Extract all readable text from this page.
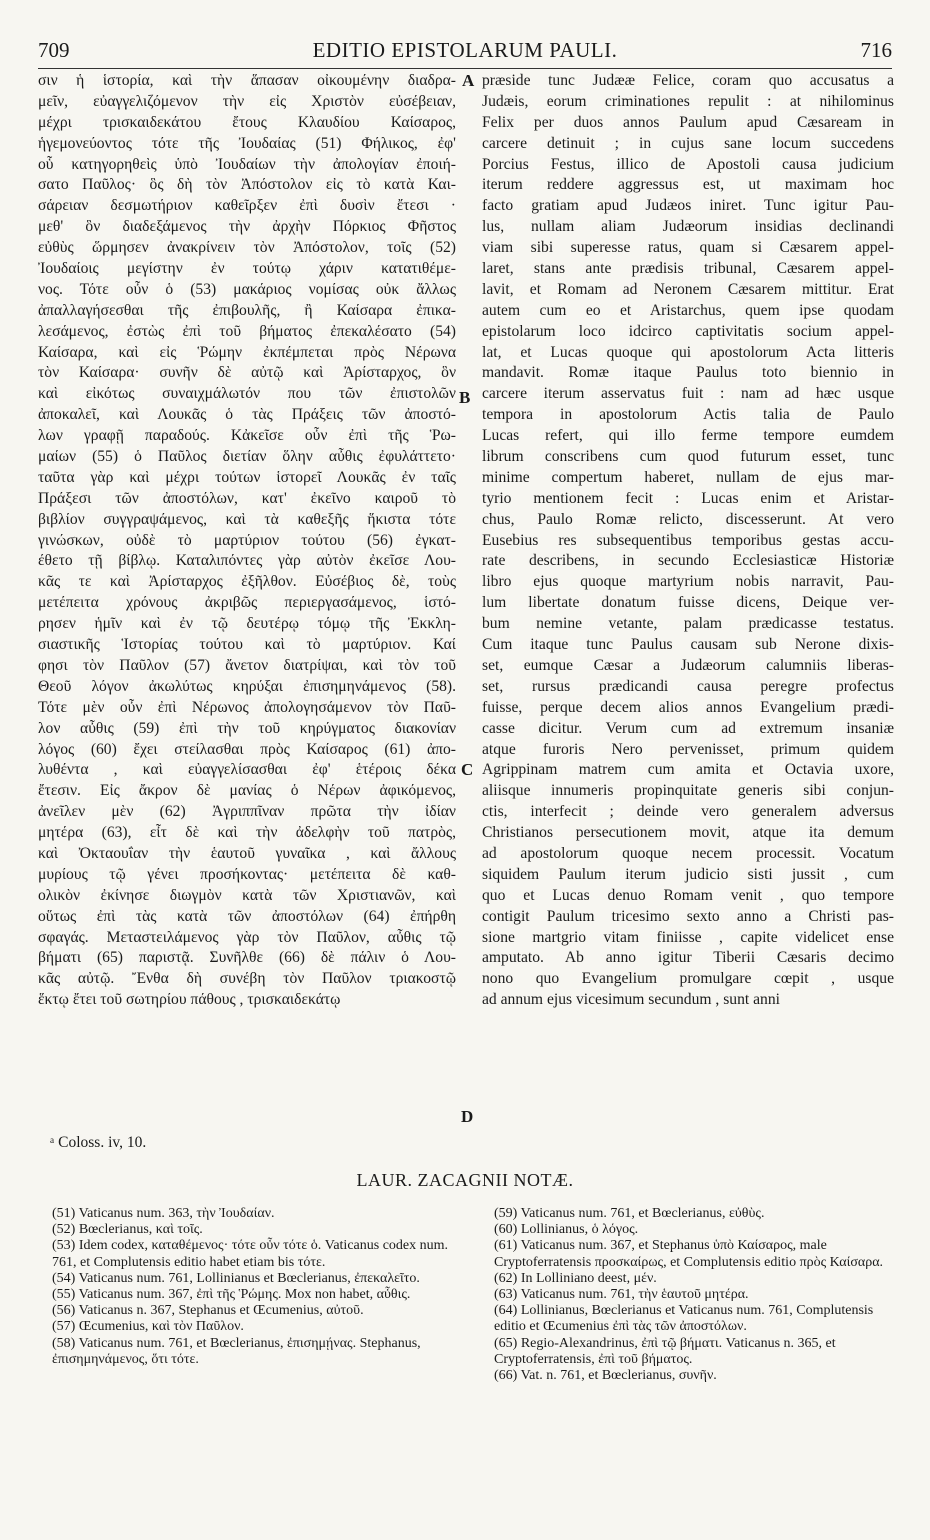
709	EDITIO EPISTOLARUM PAULI.	716
σιν ἡ ἱστορία, καὶ τὴν ἅπασαν οἰκουμένην διαδρα-
μεῖν, εὐαγγελιζόμενον τὴν εἰς Χριστὸν εὐσέβειαν,
μέχρι τρισκαιδεκάτου ἔτους Κλαυδίου Καίσαρος,
ἡγεμονεύοντος τότε τῆς Ἰουδαίας (51) Φήλικος, ἐφ'
οὗ κατηγορηθεὶς ὑπὸ Ἰουδαίων τὴν ἀπολογίαν ἐποιή-
σατο Παῦλος· ὃς δὴ τὸν Ἀπόστολον εἰς τὸ κατὰ Και-
σάρειαν δεσμωτήριον καθεῖρξεν ἐπὶ δυσὶν ἔτεσι ·
μεθ' ὃν διαδεξάμενος τὴν ἀρχὴν Πόρκιος Φῆστος
εὐθὺς ὥρμησεν ἀνακρίνειν τὸν Ἀπόστολον, τοῖς (52)
Ἰουδαίοις μεγίστην ἐν τούτῳ χάριν κατατιθέμε-
νος. Τότε οὖν ὁ (53) μακάριος νομίσας οὐκ ἄλλως
ἀπαλλαγήσεσθαι τῆς ἐπιβουλῆς, ἢ Καίσαρα ἐπικα-
λεσάμενος, ἐστὼς ἐπὶ τοῦ βήματος ἐπεκαλέσατο (54)
Καίσαρα, καὶ εἰς Ῥώμην ἐκπέμπεται πρὸς Νέρωνα
τὸν Καίσαρα· συνῆν δὲ αὐτῷ καὶ Ἀρίσταρχος, ὃν
καὶ εἰκότως συναιχμάλωτόν που τῶν ἐπιστολῶν
ἀποκαλεῖ, καὶ Λουκᾶς ὁ τὰς Πράξεις τῶν ἀποστό-
λων γραφῇ παραδούς. Κἀκεῖσε οὖν ἐπὶ τῆς Ῥω-
μαίων (55) ὁ Παῦλος διετίαν ὅλην αὖθις ἐφυλάττετο·
ταῦτα γὰρ καὶ μέχρι τούτων ἱστορεῖ Λουκᾶς ἐν ταῖς
Πράξεσι τῶν ἀποστόλων, κατ' ἐκεῖνο καιροῦ τὸ
βιβλίον συγγραψάμενος, καὶ τὰ καθεξῆς ἥκιστα τότε
γινώσκων, οὐδὲ τὸ μαρτύριον τούτου (56) ἐγκατ-
έθετο τῇ βίβλῳ. Καταλιπόντες γὰρ αὐτὸν ἐκεῖσε Λου-
κᾶς τε καὶ Ἀρίσταρχος ἐξῆλθον. Εὐσέβιος δὲ, τοὺς
μετέπειτα χρόνους ἀκριβῶς περιεργασάμενος, ἱστό-
ρησεν ἡμῖν καὶ ἐν τῷ δευτέρῳ τόμῳ τῆς Ἐκκλη-
σιαστικῆς Ἱστορίας τούτου καὶ τὸ μαρτύριον. Καί
φησι τὸν Παῦλον (57) ἄνετον διατρίψαι, καὶ τὸν τοῦ
Θεοῦ λόγον ἀκωλύτως κηρύξαι ἐπισημηνάμενος (58).
Τότε μὲν οὖν ἐπὶ Νέρωνος ἀπολογησάμενον τὸν Παῦ-
λον αὖθις (59) ἐπὶ τὴν τοῦ κηρύγματος διακονίαν
λόγος (60) ἔχει στείλασθαι πρὸς Καίσαρος (61) ἀπο-
λυθέντα , καὶ εὐαγγελίσασθαι ἐφ' ἑτέροις δέκα
ἔτεσιν. Εἰς ἄκρον δὲ μανίας ὁ Νέρων ἀφικόμενος,
ἀνεῖλεν μὲν (62) Ἀγριππῖναν πρῶτα τὴν ἰδίαν
μητέρα (63), εἶτ δὲ καὶ τὴν ἀδελφὴν τοῦ πατρὸς,
καὶ Ὀκταουΐαν τὴν ἑαυτοῦ γυναῖκα , καὶ ἄλλους
μυρίους τῷ γένει προσήκοντας· μετέπειτα δὲ καθ-
ολικὸν ἐκίνησε διωγμὸν κατὰ τῶν Χριστιανῶν, καὶ
οὕτως ἐπὶ τὰς κατὰ τῶν ἀποστόλων (64) ἐπήρθη
σφαγάς. Μεταστειλάμενος γὰρ τὸν Παῦλον, αὖθις τῷ
βήματι (65) παριστᾷ. Συνῆλθε (66) δὲ πάλιν ὁ Λου-
κᾶς αὐτῷ. Ἔνθα δὴ συνέβη τὸν Παῦλον τριακοστῷ
ἕκτῳ ἔτει τοῦ σωτηρίου πάθους , τρισκαιδεκάτῳ
præside tunc Judææ Felice, coram quo accusatus a
Judæis, eorum criminationes repulit : at nihilominus
Felix per duos annos Paulum apud Cæsaream in
carcere detinuit ; in cujus sane locum succedens
Porcius Festus, illico de Apostoli causa judicium
iterum reddere aggressus est, ut maximam hoc
facto gratiam apud Judæos iniret. Tunc igitur Pau-
lus, nullam aliam Judæorum insidias declinandi
viam sibi superesse ratus, quam si Cæsarem appel-
laret, stans ante prædisis tribunal, Cæsarem appel-
lavit, et Romam ad Neronem Cæsarem mittitur. Erat
autem cum eo et Aristarchus, quem ipse quodam
epistolarum loco idcirco captivitatis socium appel-
lat, et Lucas quoque qui apostolorum Acta litteris
mandavit. Romæ itaque Paulus toto biennio in
carcere iterum asservatus fuit : nam ad hæc usque
tempora in apostolorum Actis talia de Paulo
Lucas refert, qui illo ferme tempore eumdem
librum conscribens cum quod futurum esset, tunc
minime compertum haberet, nullam de ejus mar-
tyrio mentionem fecit : Lucas enim et Aristar-
chus, Paulo Romæ relicto, discesserunt. At vero
Eusebius res subsequentibus temporibus gestas accu-
rate describens, in secundo Ecclesiasticæ Historiæ
libro ejus quoque martyrium nobis narravit, Pau-
lum libertate donatum fuisse dicens, Deique ver-
bum nemine vetante, palam prædicasse testatus.
Cum itaque tunc Paulus causam sub Nerone dixis-
set, eumque Cæsar a Judæorum calumniis liberas-
set, rursus prædicandi causa peregre profectus
fuisse, perque decem alios annos Evangelium prædi-
casse dicitur. Verum cum ad extremum insaniæ
atque furoris Nero pervenisset, primum quidem
Agrippinam matrem cum amita et Octavia uxore,
aliisque innumeris propinquitate generis sibi conjun-
ctis, interfecit ; deinde vero generalem adversus
Christianos persecutionem movit, atque ita demum
ad apostolorum quoque necem processit. Vocatum
siquidem Paulum iterum judicio sisti jussit , cum
quo et Lucas denuo Romam venit , quo tempore
contigit Paulum tricesimo sexto anno a Christi pas-
sione martgrio vitam finiisse , capite videlicet ense
amputato. Ab anno igitur Tiberii Cæsaris decimo
nono quo Evangelium promulgare cœpit , usque
ad annum ejus vicesimum secundum , sunt anni
A
B
C
D
ᵃ Coloss. iv, 10.
LAUR. ZACAGNII NOTÆ.

(51) Vaticanus num. 363, τὴν Ἰουδαίαν.

(52) Bœclerianus, καὶ τοῖς.

(53) Idem codex, καταθέμενος· τότε οὖν τότε ὁ. Vaticanus codex num. 761, et Complutensis editio habet etiam bis τότε.

(54) Vaticanus num. 761, Lollinianus et Bœclerianus, ἐπεκαλεῖτο.

(55) Vaticanus num. 367, ἐπὶ τῆς Ῥώμης. Mox non habet, αὖθις.

(56) Vaticanus n. 367, Stephanus et Œcumenius, αὐτοῦ.

(57) Œcumenius, καὶ τὸν Παῦλον.

(58) Vaticanus num. 761, et Bœclerianus, ἐπισημῄνας. Stephanus, ἐπισημηνάμενος, ὅτι τότε.

(59) Vaticanus num. 761, et Bœclerianus, εὐθὺς.

(60) Lollinianus, ὁ λόγος.

(61) Vaticanus num. 367, et Stephanus ὑπὸ Καίσαρος, male Cryptoferratensis προσκαίρως, et Complutensis editio πρὸς Καίσαρα.

(62) In Lolliniano deest, μέν.

(63) Vaticanus num. 761, τὴν ἑαυτοῦ μητέρα.

(64) Lollinianus, Bœclerianus et Vaticanus num. 761, Complutensis editio et Œcumenius ἐπὶ τὰς τῶν ἀποστόλων.

(65) Regio-Alexandrinus, ἐπὶ τῷ βήματι. Vaticanus n. 365, et Cryptoferratensis, ἐπὶ τοῦ βήματος.

(66) Vat. n. 761, et Bœclerianus, συνῆν.
